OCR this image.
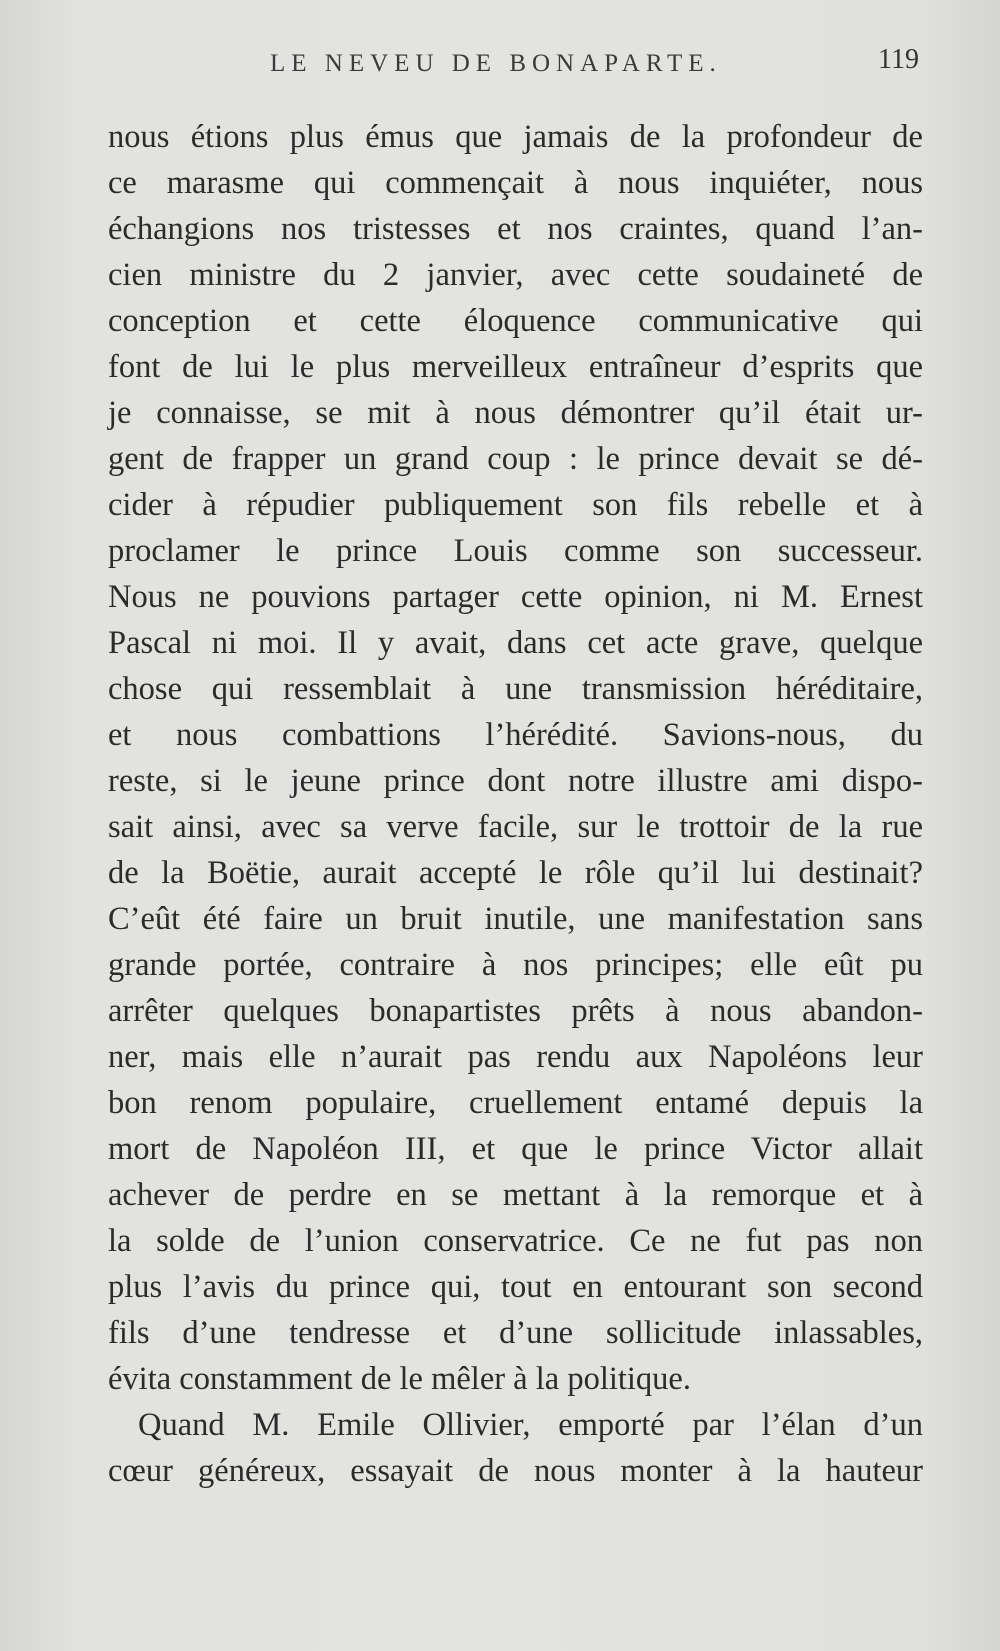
LE NEVEU DE BONAPARTE.	119
nous étions plus émus que jamais de la profondeur de
ce marasme qui commençait à nous inquiéter, nous
échangions nos tristesses et nos craintes, quand l’an-
cien ministre du 2 janvier, avec cette soudaineté de
conception et cette éloquence communicative qui
font de lui le plus merveilleux entraîneur d’esprits que
je connaisse, se mit à nous démontrer qu’il était ur-
gent de frapper un grand coup : le prince devait se dé-
cider à répudier publiquement son fils rebelle et à
proclamer le prince Louis comme son successeur.
Nous ne pouvions partager cette opinion, ni M. Ernest
Pascal ni moi. Il y avait, dans cet acte grave, quelque
chose qui ressemblait à une transmission héréditaire,
et nous combattions l’hérédité. Savions-nous, du
reste, si le jeune prince dont notre illustre ami dispo-
sait ainsi, avec sa verve facile, sur le trottoir de la rue
de la Boëtie, aurait accepté le rôle qu’il lui destinait?
C’eût été faire un bruit inutile, une manifestation sans
grande portée, contraire à nos principes; elle eût pu
arrêter quelques bonapartistes prêts à nous abandon-
ner, mais elle n’aurait pas rendu aux Napoléons leur
bon renom populaire, cruellement entamé depuis la
mort de Napoléon III, et que le prince Victor allait
achever de perdre en se mettant à la remorque et à
la solde de l’union conservatrice. Ce ne fut pas non
plus l’avis du prince qui, tout en entourant son second
fils d’une tendresse et d’une sollicitude inlassables,
évita constamment de le mêler à la politique.
Quand M. Emile Ollivier, emporté par l’élan d’un
cœur généreux, essayait de nous monter à la hauteur
